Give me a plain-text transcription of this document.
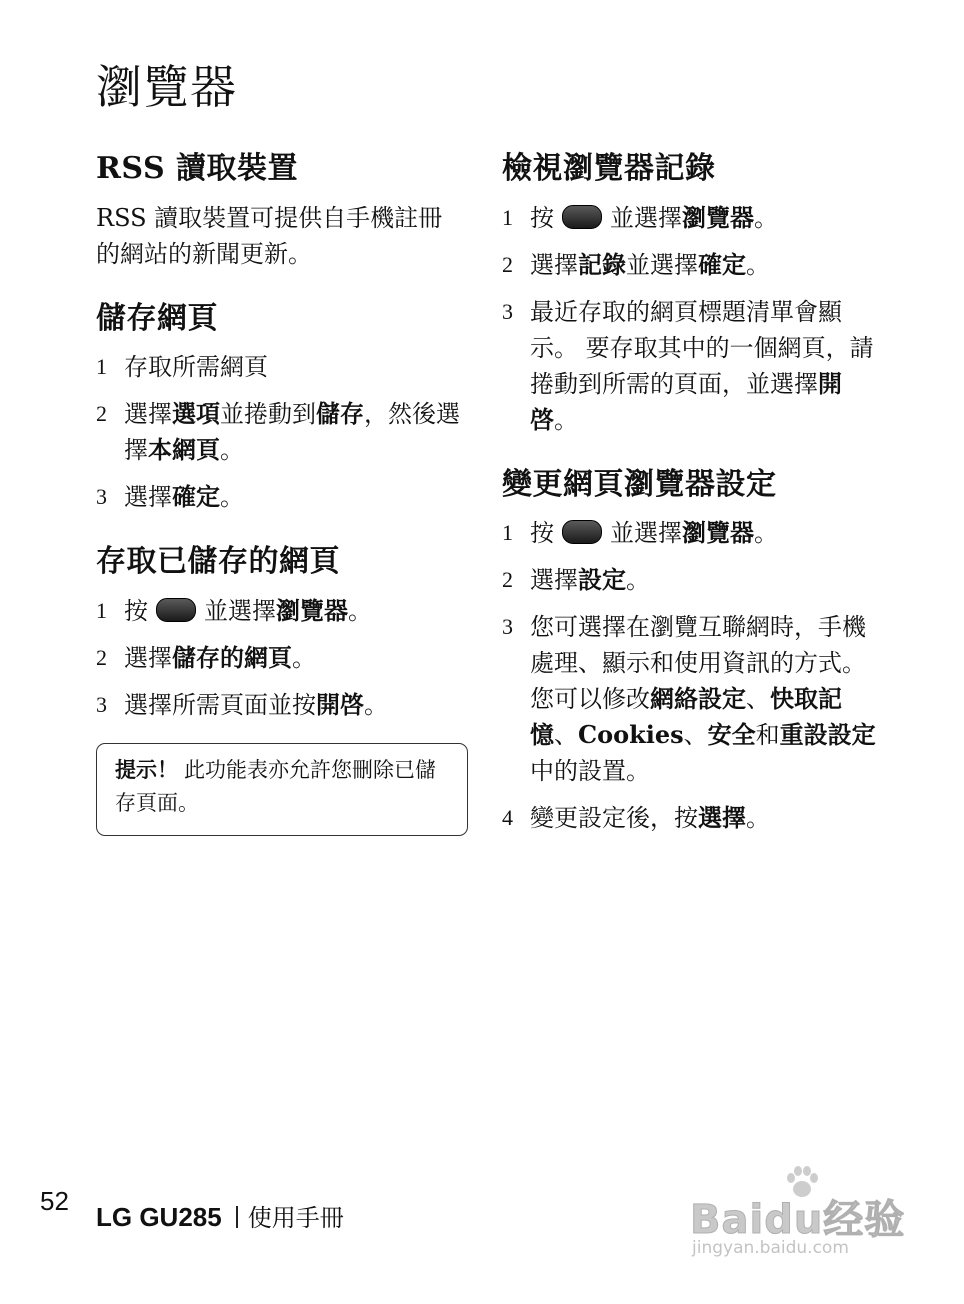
瀏覽器
RSS 讀取裝置

RSS 讀取裝置可提供自手機註冊的網站的新聞更新。

儲存網頁
1 存取所需網頁
2 選擇選項並捲動到儲存，然後選擇本網頁。
3 選擇確定。
存取已儲存的網頁
1 按 並選擇瀏覽器。
2 選擇儲存的網頁。
3 選擇所需頁面並按開啓。
提示！ 此功能表亦允許您刪除已儲存頁面。
檢視瀏覽器記錄
1 按 並選擇瀏覽器。
2 選擇記錄並選擇確定。
3 最近存取的網頁標題清單會顯示。 要存取其中的一個網頁，請捲動到所需的頁面，並選擇開啓。
變更網頁瀏覽器設定
1 按 並選擇瀏覽器。
2 選擇設定。
3 您可選擇在瀏覽互聯網時，手機處理、顯示和使用資訊的方式。 您可以修改網絡設定、快取記憶、Cookies、安全和重設設定中的設置。
4 變更設定後，按選擇。
52
LG GU285 使用手冊	Baidu经验
jingyan.baidu.com
